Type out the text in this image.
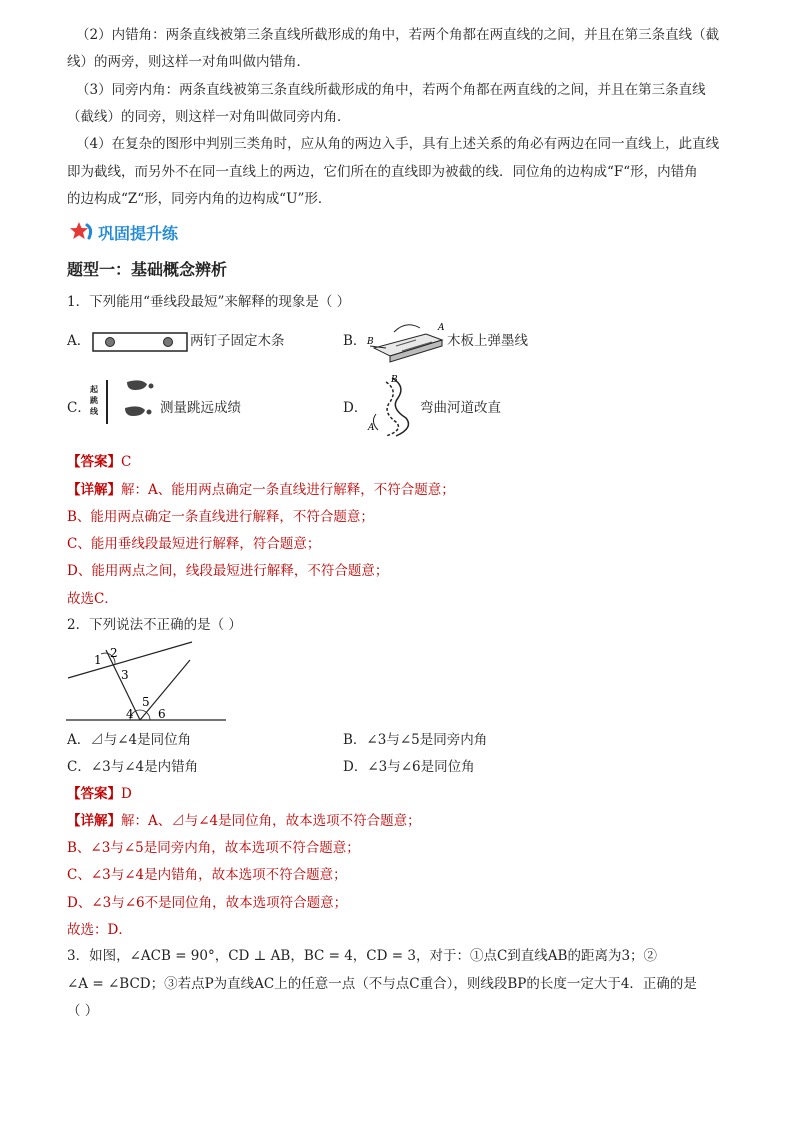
（2）内错角：两条直线被第三条直线所截形成的角中，若两个角都在两直线的之间，并且在第三条直线（截
线）的两旁，则这样一对角叫做内错角．
（3）同旁内角：两条直线被第三条直线所截形成的角中，若两个角都在两直线的之间，并且在第三条直线
（截线）的同旁，则这样一对角叫做同旁内角．
（4）在复杂的图形中判别三类角时，应从角的两边入手，具有上述关系的角必有两边在同一直线上，此直线
即为截线，而另外不在同一直线上的两边，它们所在的直线即为被截的线．同位角的边构成“F“形，内错角
的边构成“Z“形，同旁内角的边构成“U”形．
巩固提升练
题型一：基础概念辨析
1．下列能用“垂线段最短”来解释的现象是（ ）
A．	两钉子固定木条	B． B
A
木板上弹墨线
C．
起跳线	测量跳远成绩	D．
B
A
弯曲河道改直
【答案】C
【详解】解：A、能用两点确定一条直线进行解释，不符合题意；
B、能用两点确定一条直线进行解释，不符合题意；
C、能用垂线段最短进行解释，符合题意；
D、能用两点之间，线段最短进行解释，不符合题意；
故选C．
2．下列说法不正确的是（ ）
1 2
3
4
5
6
A．⊿与∠4是同位角	B．∠3与∠5是同旁内角
C．∠3与∠4是内错角	D．∠3与∠6是同位角
【答案】D
【详解】解：A、⊿与∠4是同位角，故本选项不符合题意；
B、∠3与∠5是同旁内角，故本选项不符合题意；
C、∠3与∠4是内错角，故本选项不符合题意；
D、∠3与∠6不是同位角，故本选项符合题意；
故选：D．
3．如图，∠ACB = 90°，CD ⊥ AB，BC = 4，CD = 3，对于：①点C到直线AB的距离为3；②
∠A = ∠BCD；③若点P为直线AC上的任意一点（不与点C重合），则线段BP的长度一定大于4．正确的是
（ ）
